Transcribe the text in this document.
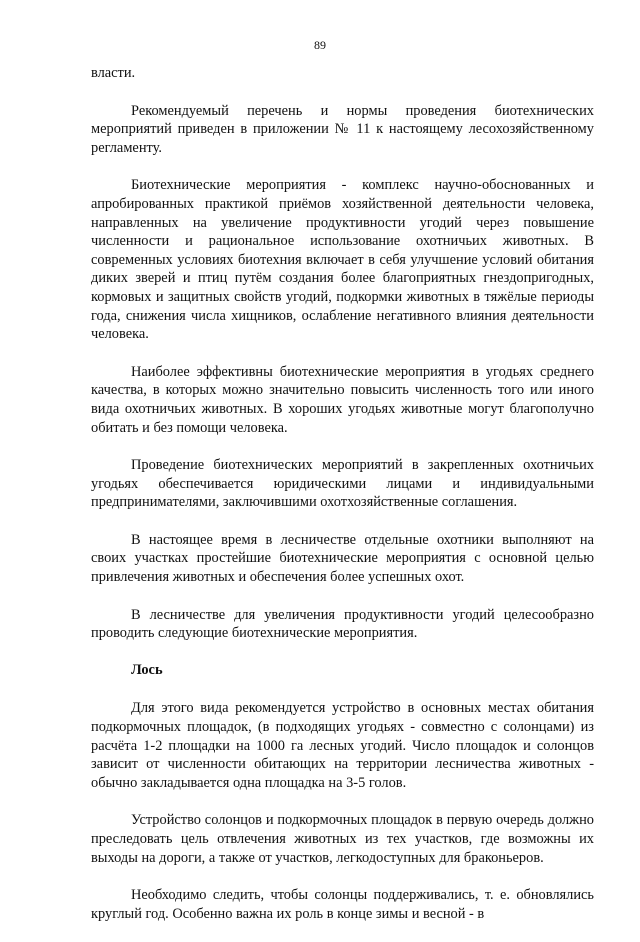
89

власти.

Рекомендуемый перечень и нормы проведения биотехнических мероприятий приведен в приложении № 11 к настоящему лесохозяйственному регламенту.

Биотехнические мероприятия - комплекс научно-обоснованных и апробированных практикой приёмов хозяйственной деятельности человека, направленных на увеличение продуктивности угодий через повышение численности и рациональное использование охотничьих животных. В современных условиях биотехния включает в себя улучшение условий обитания диких зверей и птиц путём создания более благоприятных гнездопригодных, кормовых и защитных свойств угодий, подкормки животных в тяжёлые периоды года, снижения числа хищников, ослабление негативного влияния деятельности человека.

Наиболее эффективны биотехнические мероприятия в угодьях среднего качества, в которых можно значительно повысить численность того или иного вида охотничьих животных. В хороших угодьях животные могут благополучно обитать и без помощи человека.

Проведение биотехнических мероприятий в закрепленных охотничьих угодьях обеспечивается юридическими лицами и индивидуальными предпринимателями, заключившими охотхозяйственные соглашения.

В настоящее время в лесничестве отдельные охотники выполняют на своих участках простейшие биотехнические мероприятия с основной целью привлечения животных и обеспечения более успешных охот.

В лесничестве для увеличения продуктивности угодий целесообразно проводить следующие биотехнические мероприятия.

Лось

Для этого вида рекомендуется устройство в основных местах обитания подкормочных площадок, (в подходящих угодьях - совместно с солонцами) из расчёта 1-2 площадки на 1000 га лесных угодий. Число площадок и солонцов зависит от численности обитающих на территории лесничества животных - обычно закладывается одна площадка на 3-5 голов.

Устройство солонцов и подкормочных площадок в первую очередь должно преследовать цель отвлечения животных из тех участков, где возможны их выходы на дороги, а также от участков, легкодоступных для браконьеров.

Необходимо следить, чтобы солонцы поддерживались, т. е. обновлялись круглый год. Особенно важна их роль в конце зимы и весной - в
